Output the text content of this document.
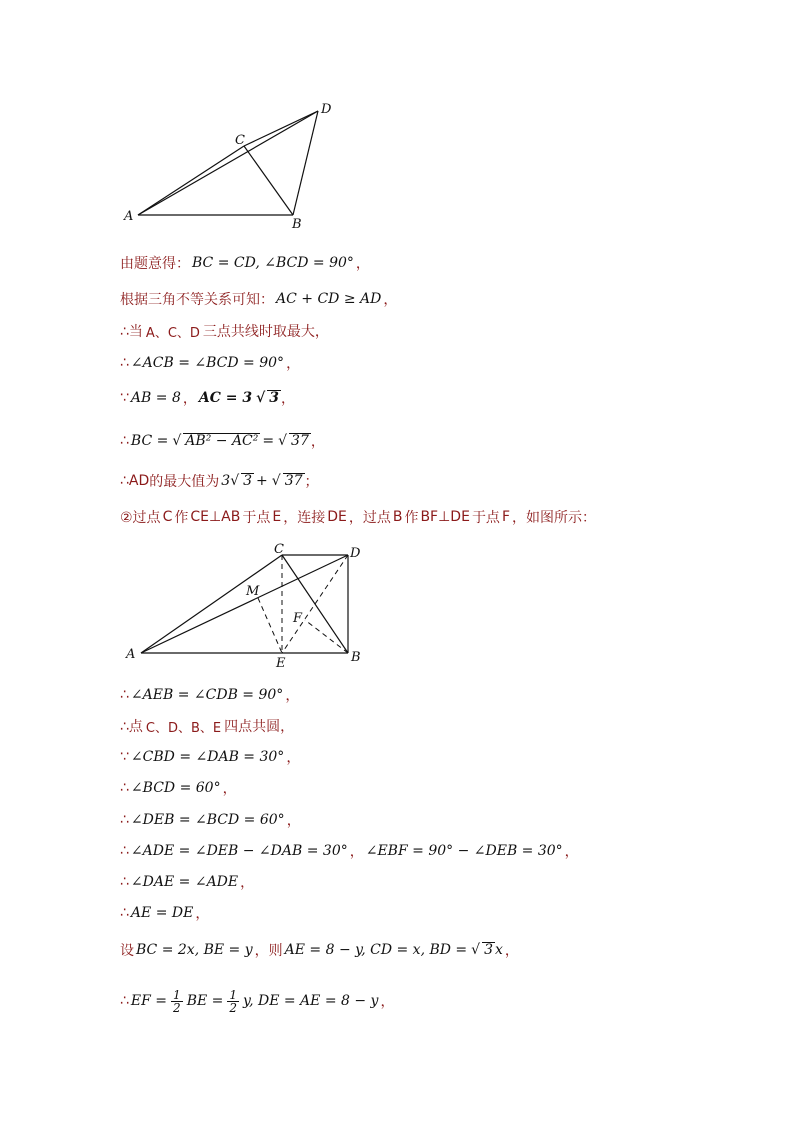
A
B
C
D
由题意得： BC = CD, ∠BCD = 90° ，
根据三角不等关系可知： AC + CD ≥ AD ，
∴当 A、C、D 三点共线时取最大，
∴ ∠ACB = ∠BCD = 90° ，
∵ AB = 8 ， AC = 3 √ 3 ，
∴ BC = √ AB² − AC² = √ 37 ，
∴ AD 的最大值为 3 √ 3 + √ 37 ；
②过点 C 作 CE⊥AB 于点 E ，连接 DE ，过点 B 作 BF⊥DE 于点 F ，如图所示：
A	B
C	D
E
F
M
∴ ∠AEB = ∠CDB = 90° ，
∴点 C、D、B、E 四点共圆，
∵ ∠CBD = ∠DAB = 30° ，
∴ ∠BCD = 60° ，
∴ ∠DEB = ∠BCD = 60° ，
∴ ∠ADE = ∠DEB − ∠DAB = 30° ， ∠EBF = 90° − ∠DEB = 30° ，
∴ ∠DAE = ∠ADE ，
∴ AE = DE ，
设 BC = 2x, BE = y ，则 AE = 8 − y, CD = x, BD = √ 3 x ，
∴ EF = $\frac{1}{2}$ BE = $\frac{1}{2} y$, DE = AE = 8 − y ，
